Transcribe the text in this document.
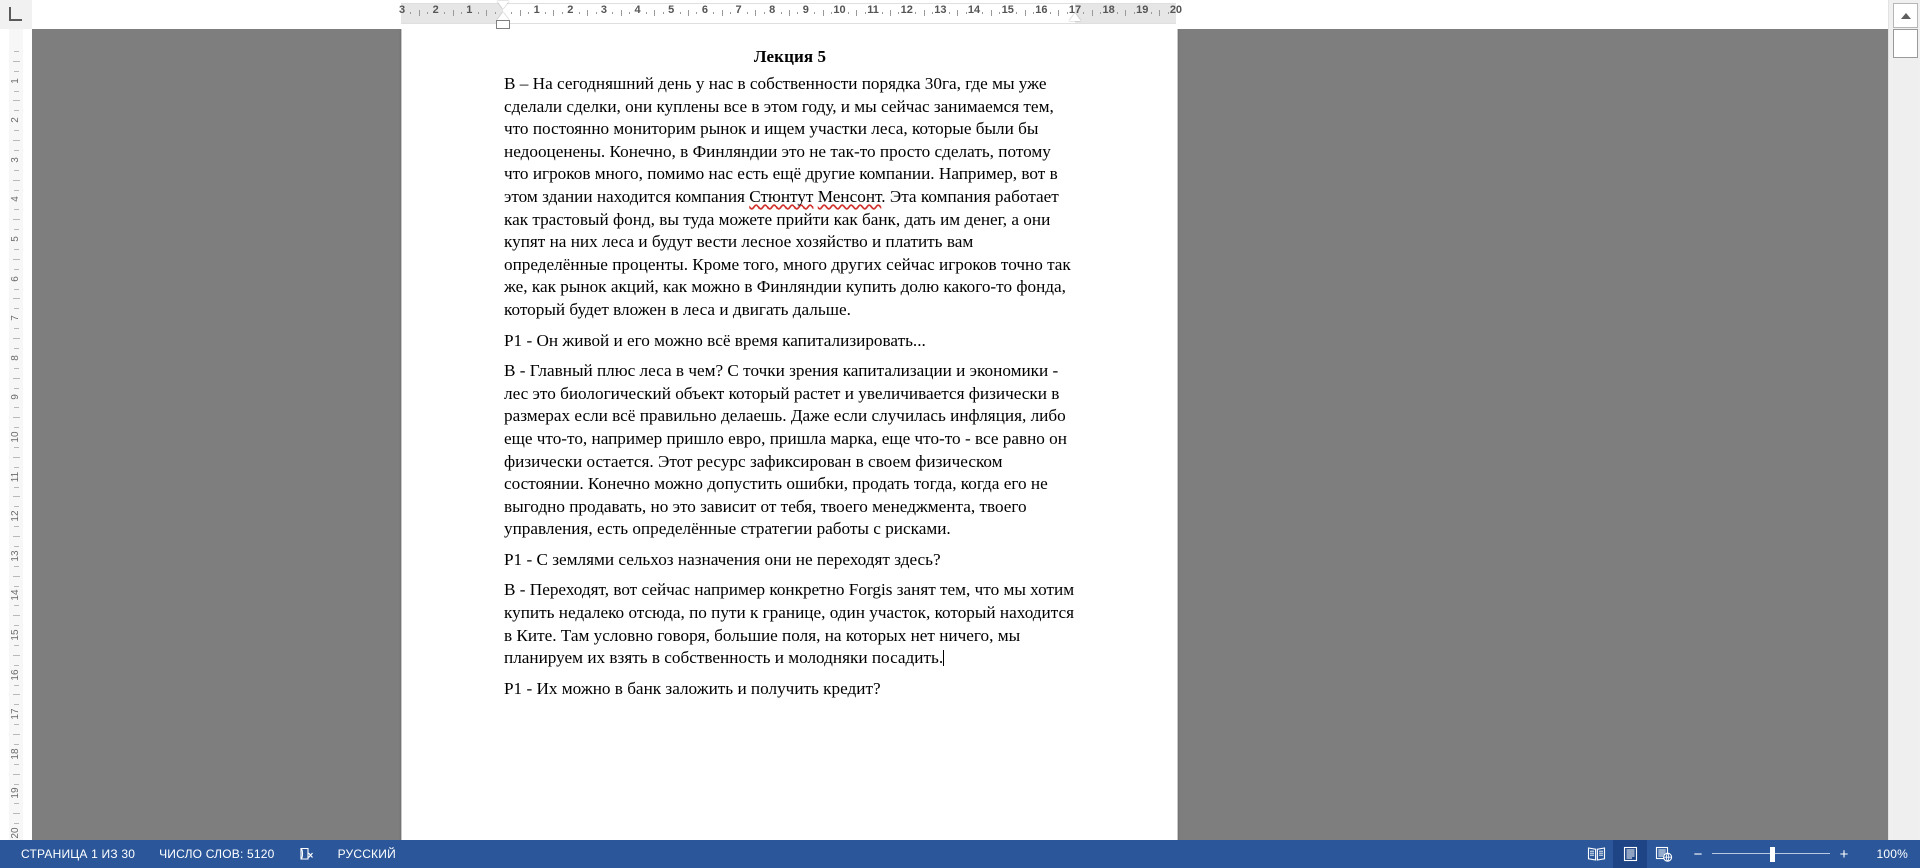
1
2
3
4
5
6
7
8
9
10
11
12
13
14
15
16
17
18
19
20
3	2	1	1	2	3	4	5	6	7	8	9 10 11 12 13 14 15 16 17 18 19 20
Лекция 5

В – На сегодняшний день у нас в собственности порядка 30га, где мы уже сделали сделки, они куплены все в этом году, и мы сейчас занимаемся тем, что постоянно мониторим рынок и ищем участки леса, которые были бы недооценены. Конечно, в Финляндии это не так-то просто сделать, потому что игроков много, помимо нас есть ещё другие компании. Например, вот в этом здании находится компания Стюнтут Менсонт. Эта компания работает как трастовый фонд, вы туда можете прийти как банк, дать им денег, а они купят на них леса и будут вести лесное хозяйство и платить вам определённые проценты. Кроме того, много других сейчас игроков точно так же, как рынок акций, как можно в Финляндии купить долю какого-то фонда, который будет вложен в леса и двигать дальше.

Р1 - Он живой и его можно всё время капитализировать...

В - Главный плюс леса в чем? С точки зрения капитализации и экономики - лес это биологический объект который растет и увеличивается физически в размерах если всё правильно делаешь. Даже если случилась инфляция, либо еще что-то, например пришло евро, пришла марка, еще что-то - все равно он физически остается. Этот ресурс зафиксирован в своем физическом состоянии. Конечно можно допустить ошибки, продать тогда, когда его не выгодно продавать, но это зависит от тебя, твоего менеджмента, твоего управления, есть определённые стратегии работы с рисками.

Р1 - С землями сельхоз назначения они не переходят здесь?

В - Переходят, вот сейчас например конкретно Forgis занят тем, что мы хотим купить недалеко отсюда, по пути к границе, один участок, который находится в Ките. Там условно говоря, большие поля, на которых нет ничего, мы планируем их взять в собственность и молодняки посадить.

Р1 - Их можно в банк заложить и получить кредит?

СТРАНИЦА 1 ИЗ 30	ЧИСЛО СЛОВ: 5120	РУССКИЙ	−	+	100%
